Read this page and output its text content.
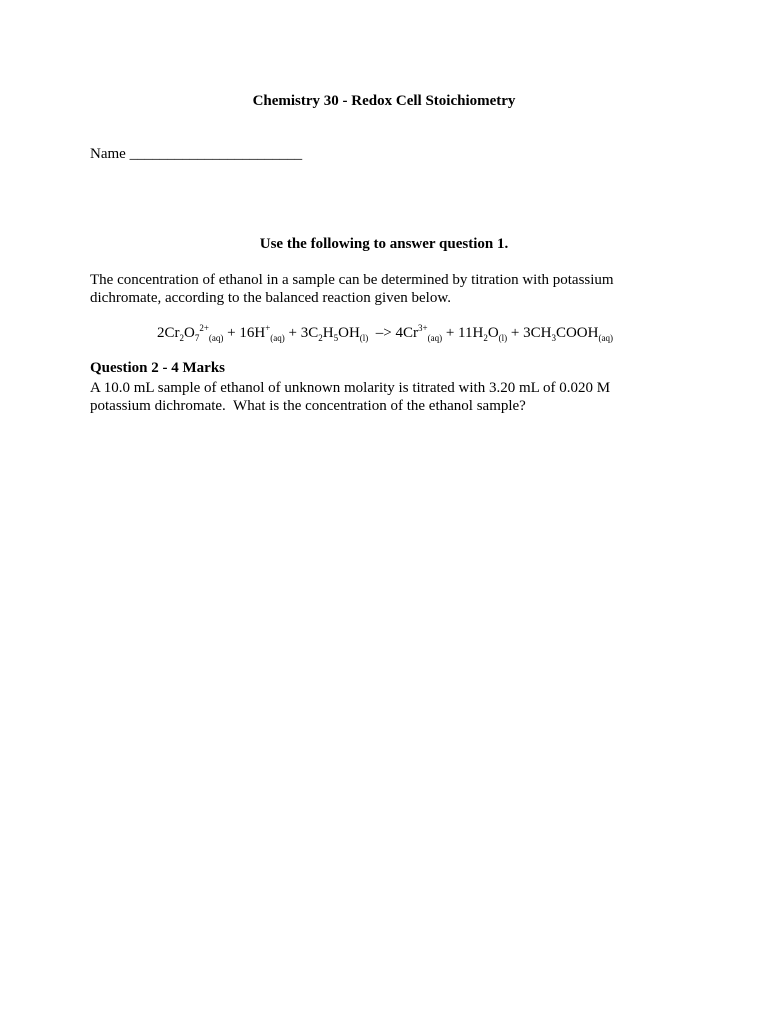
Chemistry 30 - Redox Cell Stoichiometry
Name _______________________
Use the following to answer question 1.
The concentration of ethanol in a sample can be determined by titration with potassium
dichromate, according to the balanced reaction given below.
$2Cr_2O_7^{2+}_{(aq)} + 16H^+_{(aq)} + 3C_2H_5OH_{(l)} -> 4Cr^{3+}_{(aq)} + 11H_2O_{(l)}$ + $3CH_3COOH_{(aq)}$
Question 2 - 4 Marks
A 10.0 mL sample of ethanol of unknown molarity is titrated with 3.20 mL of 0.020 M
potassium dichromate.  What is the concentration of the ethanol sample?
